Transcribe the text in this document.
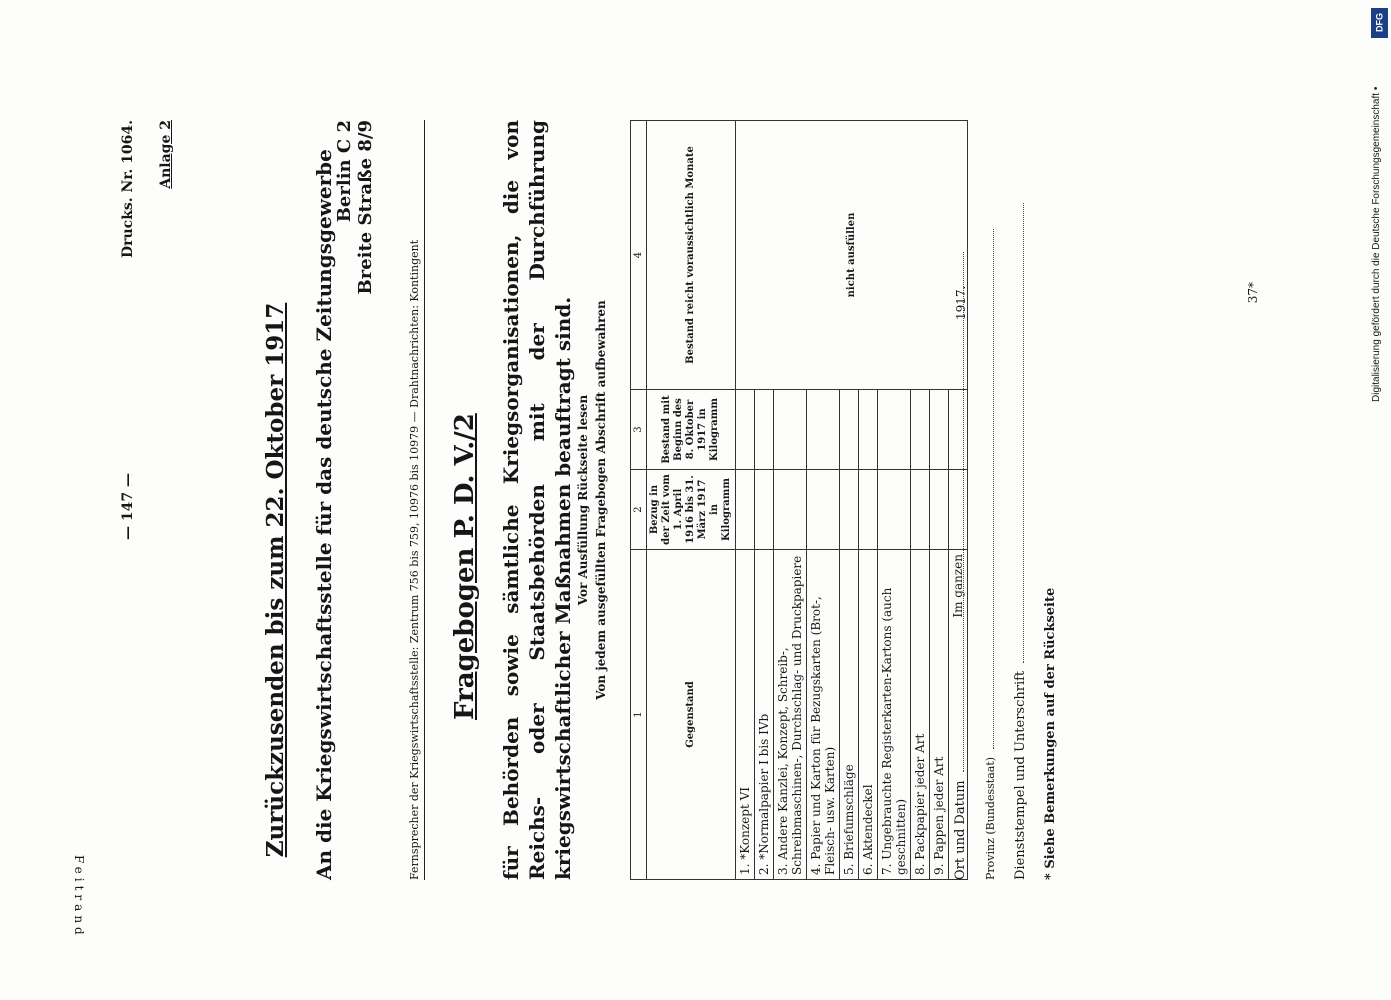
DFG
Digitalisierung gefördert durch die Deutsche Forschungsgemeinschaft •
Feitrand
37*
— 147 —
Drucks. Nr. 1064. Anlage 2
Zurückzusenden bis zum 22. Oktober 1917 An die Kriegswirtschaftsstelle für das deutsche Zeitungsgewerbe
Berlin C 2 Breite Straße 8/9
Fernsprecher der Kriegswirtschaftsstelle: Zentrum 756 bis 759, 10976 bis 10979 — Drahtnachrichten: Kontingent Fragebogen P. D. V./2 für Behörden sowie sämtliche Kriegsorganisationen, die von Reichs- oder Staatsbehörden mit der Durchführung kriegswirtschaftlicher Maßnahmen beauftragt sind. Vor Ausfüllung Rückseite lesen Von jedem ausgefüllten Fragebogen Abschrift aufbewahren
1	2	3	4
Gegenstand	Bezug in der Zeit vom 1. April 1916 bis 31. März 1917 in Kilogramm	Bestand mit Beginn des 8. Oktober 1917 in Kilogramm	Bestand reicht voraussichtlich Monate
1. *Konzept VI			nicht ausfüllen
2. *Normalpapier I bis IVb			
3. Andere Kanzlei, Konzept, Schreib-, Schreibmaschinen-, Durchschlag- und Druckpapiere			
4. Papier und Karton für Bezugskarten (Brot-, Fleisch- usw. Karten)			
5. Briefumschläge			
6. Aktendeckel			
7. Ungebrauchte Registerkarten-Kartons (auch geschnitten)			
8. Packpapier jeder Art			
9. Pappen jeder Art			
Im ganzen			
Ort und Datum
1917.
Provinz (Bundesstaat)	Dienststempel und Unterschrift	* Siehe Bemerkungen auf der Rückseite
